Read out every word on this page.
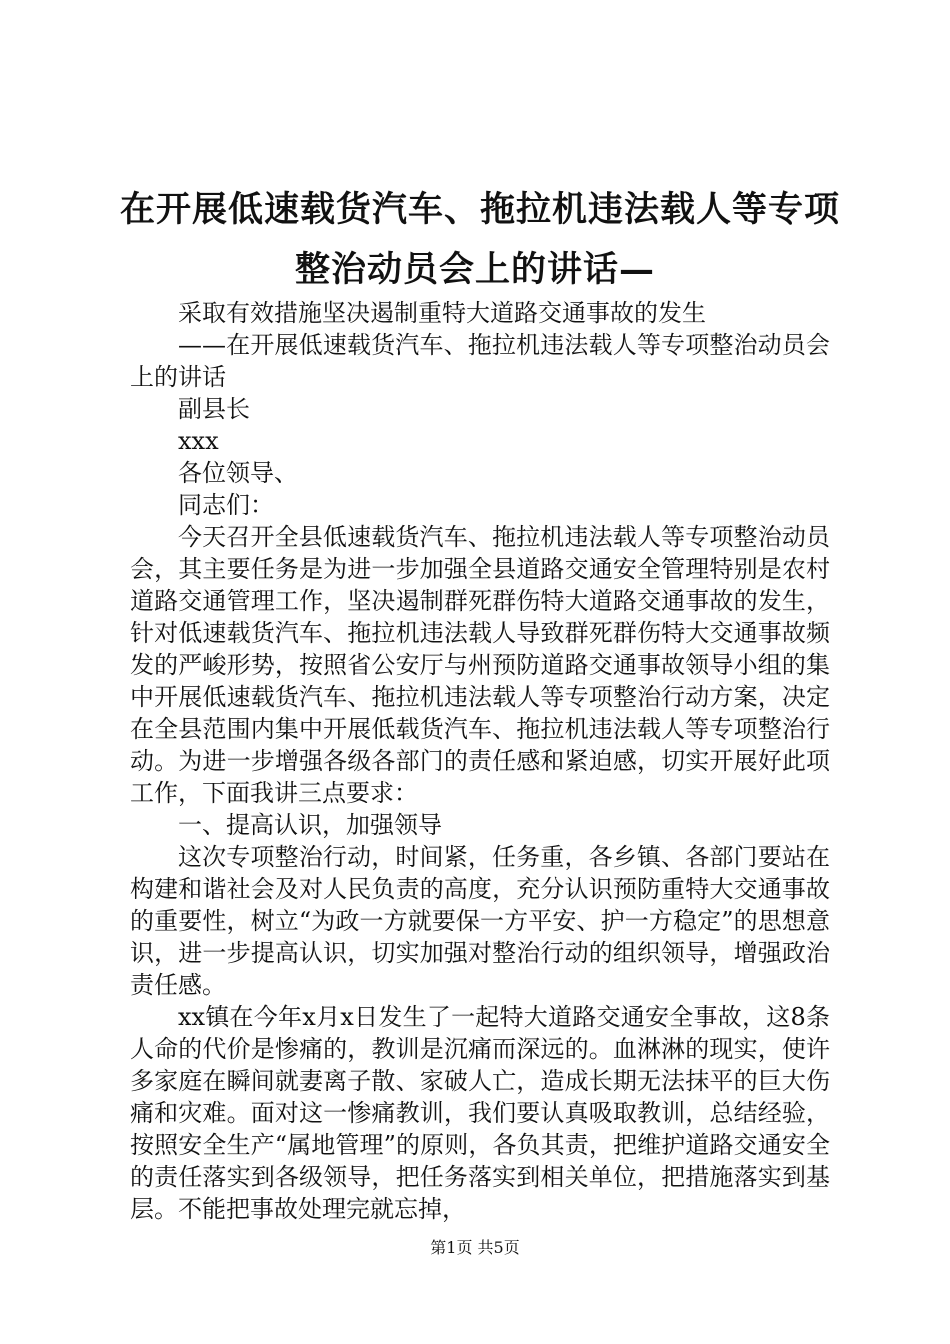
在开展低速载货汽车、拖拉机违法载人等专项
整治动员会上的讲话—

采取有效措施坚决遏制重特大道路交通事故的发生

——在开展低速载货汽车、拖拉机违法载人等专项整治动员会上的讲话

副县长

xxx

各位领导、

同志们：

今天召开全县低速载货汽车、拖拉机违法载人等专项整治动员会，其主要任务是为进一步加强全县道路交通安全管理特别是农村道路交通管理工作，坚决遏制群死群伤特大道路交通事故的发生，针对低速载货汽车、拖拉机违法载人导致群死群伤特大交通事故频发的严峻形势，按照省公安厅与州预防道路交通事故领导小组的集中开展低速载货汽车、拖拉机违法载人等专项整治行动方案，决定在全县范围内集中开展低载货汽车、拖拉机违法载人等专项整治行动。为进一步增强各级各部门的责任感和紧迫感，切实开展好此项工作，下面我讲三点要求：

一、提高认识，加强领导

这次专项整治行动，时间紧，任务重，各乡镇、各部门要站在构建和谐社会及对人民负责的高度，充分认识预防重特大交通事故的重要性，树立“为政一方就要保一方平安、护一方稳定”的思想意识，进一步提高认识，切实加强对整治行动的组织领导，增强政治责任感。

xx镇在今年x月x日发生了一起特大道路交通安全事故，这8条人命的代价是惨痛的，教训是沉痛而深远的。血淋淋的现实，使许多家庭在瞬间就妻离子散、家破人亡，造成长期无法抹平的巨大伤痛和灾难。面对这一惨痛教训，我们要认真吸取教训，总结经验，按照安全生产“属地管理”的原则，各负其责，把维护道路交通安全的责任落实到各级领导，把任务落实到相关单位，把措施落实到基层。不能把事故处理完就忘掉，

第1页 共5页
